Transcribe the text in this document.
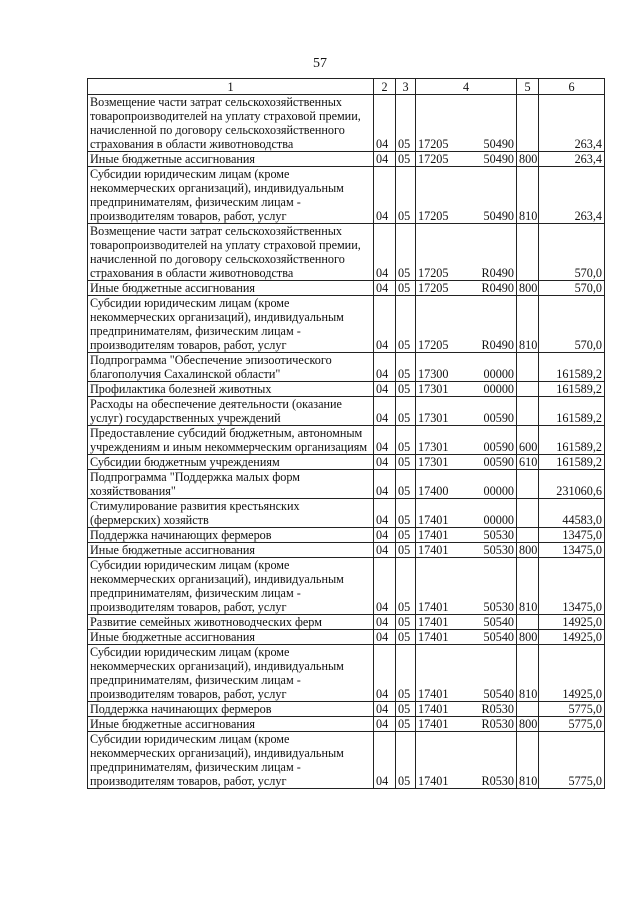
57
1	2	3	4		5	6
Возмещение части затрат сельскохозяйственных товаропроизводителей на уплату страховой премии, начисленной по договору сельскохозяйственного страхования в области животноводства	04	05	17205	50490		263,4
Иные бюджетные ассигнования	04	05	17205	50490	800	263,4
Субсидии юридическим лицам (кроме некоммерческих организаций), индивидуальным предпринимателям, физическим лицам - производителям товаров, работ, услуг	04	05	17205	50490	810	263,4
Возмещение части затрат сельскохозяйственных товаропроизводителей на уплату страховой премии, начисленной по договору сельскохозяйственного страхования в области животноводства	04	05	17205	R0490		570,0
Иные бюджетные ассигнования	04	05	17205	R0490	800	570,0
Субсидии юридическим лицам (кроме некоммерческих организаций), индивидуальным предпринимателям, физическим лицам - производителям товаров, работ, услуг	04	05	17205	R0490	810	570,0
Подпрограмма "Обеспечение эпизоотического благополучия Сахалинской области"	04	05	17300	00000		161589,2
Профилактика болезней животных	04	05	17301	00000		161589,2
Расходы на обеспечение деятельности (оказание услуг) государственных учреждений	04	05	17301	00590		161589,2
Предоставление субсидий бюджетным, автономным учреждениям и иным некоммерческим организациям	04	05	17301	00590	600	161589,2
Субсидии бюджетным учреждениям	04	05	17301	00590	610	161589,2
Подпрограмма "Поддержка малых форм хозяйствования"	04	05	17400	00000		231060,6
Стимулирование развития крестьянских (фермерских) хозяйств	04	05	17401	00000		44583,0
Поддержка начинающих фермеров	04	05	17401	50530		13475,0
Иные бюджетные ассигнования	04	05	17401	50530	800	13475,0
Субсидии юридическим лицам (кроме некоммерческих организаций), индивидуальным предпринимателям, физическим лицам - производителям товаров, работ, услуг	04	05	17401	50530	810	13475,0
Развитие семейных животноводческих ферм	04	05	17401	50540		14925,0
Иные бюджетные ассигнования	04	05	17401	50540	800	14925,0
Субсидии юридическим лицам (кроме некоммерческих организаций), индивидуальным предпринимателям, физическим лицам - производителям товаров, работ, услуг	04	05	17401	50540	810	14925,0
Поддержка начинающих фермеров	04	05	17401	R0530		5775,0
Иные бюджетные ассигнования	04	05	17401	R0530	800	5775,0
Субсидии юридическим лицам (кроме некоммерческих организаций), индивидуальным предпринимателям, физическим лицам - производителям товаров, работ, услуг	04	05	17401	R0530	810	5775,0
